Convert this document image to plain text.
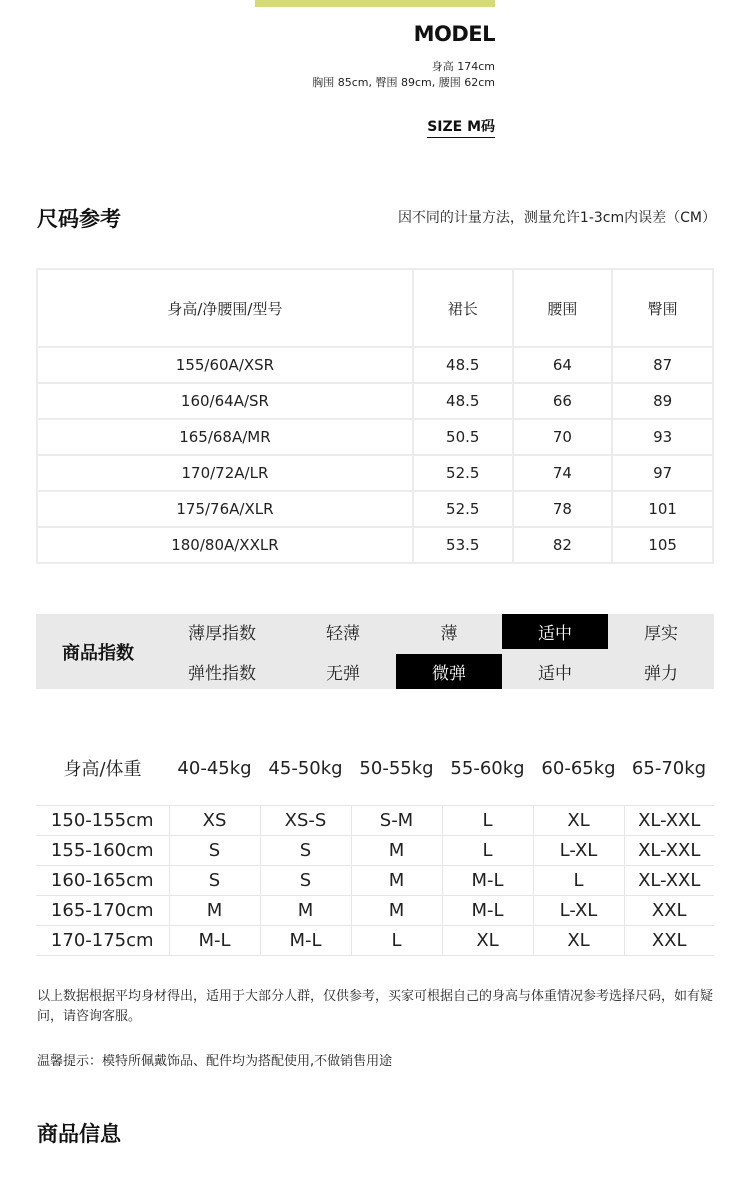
MODEL
身高 174cm
胸围 85cm, 臀围 89cm, 腰围 62cm
SIZE M码
尺码参考	因不同的计量方法，测量允许1-3cm内误差（CM）
身高/净腰围/型号	裙长	腰围	臀围
155/60A/XSR	48.5	64	87
160/64A/SR	48.5	66	89
165/68A/MR	50.5	70	93
170/72A/LR	52.5	74	97
175/76A/XLR	52.5	78	101
180/80A/XXLR	53.5	82	105
商品指数
薄厚指数	轻薄	薄	适中	厚实
弹性指数	无弹	微弹	适中	弹力
身高/体重	40-45kg 45-50kg 50-55kg 55-60kg 60-65kg 65-70kg
150-155cm	XS	XS-S	S-M	L	XL	XL-XXL
155-160cm	S	S	M	L	L-XL	XL-XXL
160-165cm	S	S	M	M-L	L	XL-XXL
165-170cm	M	M	M	M-L	L-XL	XXL
170-175cm	M-L	M-L	L	XL	XL	XXL
以上数据根据平均身材得出，适用于大部分人群，仅供参考，买家可根据自己的身高与体重情况参考选择尺码，如有疑问，请咨询客服。
温馨提示：模特所佩戴饰品、配件均为搭配使用,不做销售用途
商品信息
